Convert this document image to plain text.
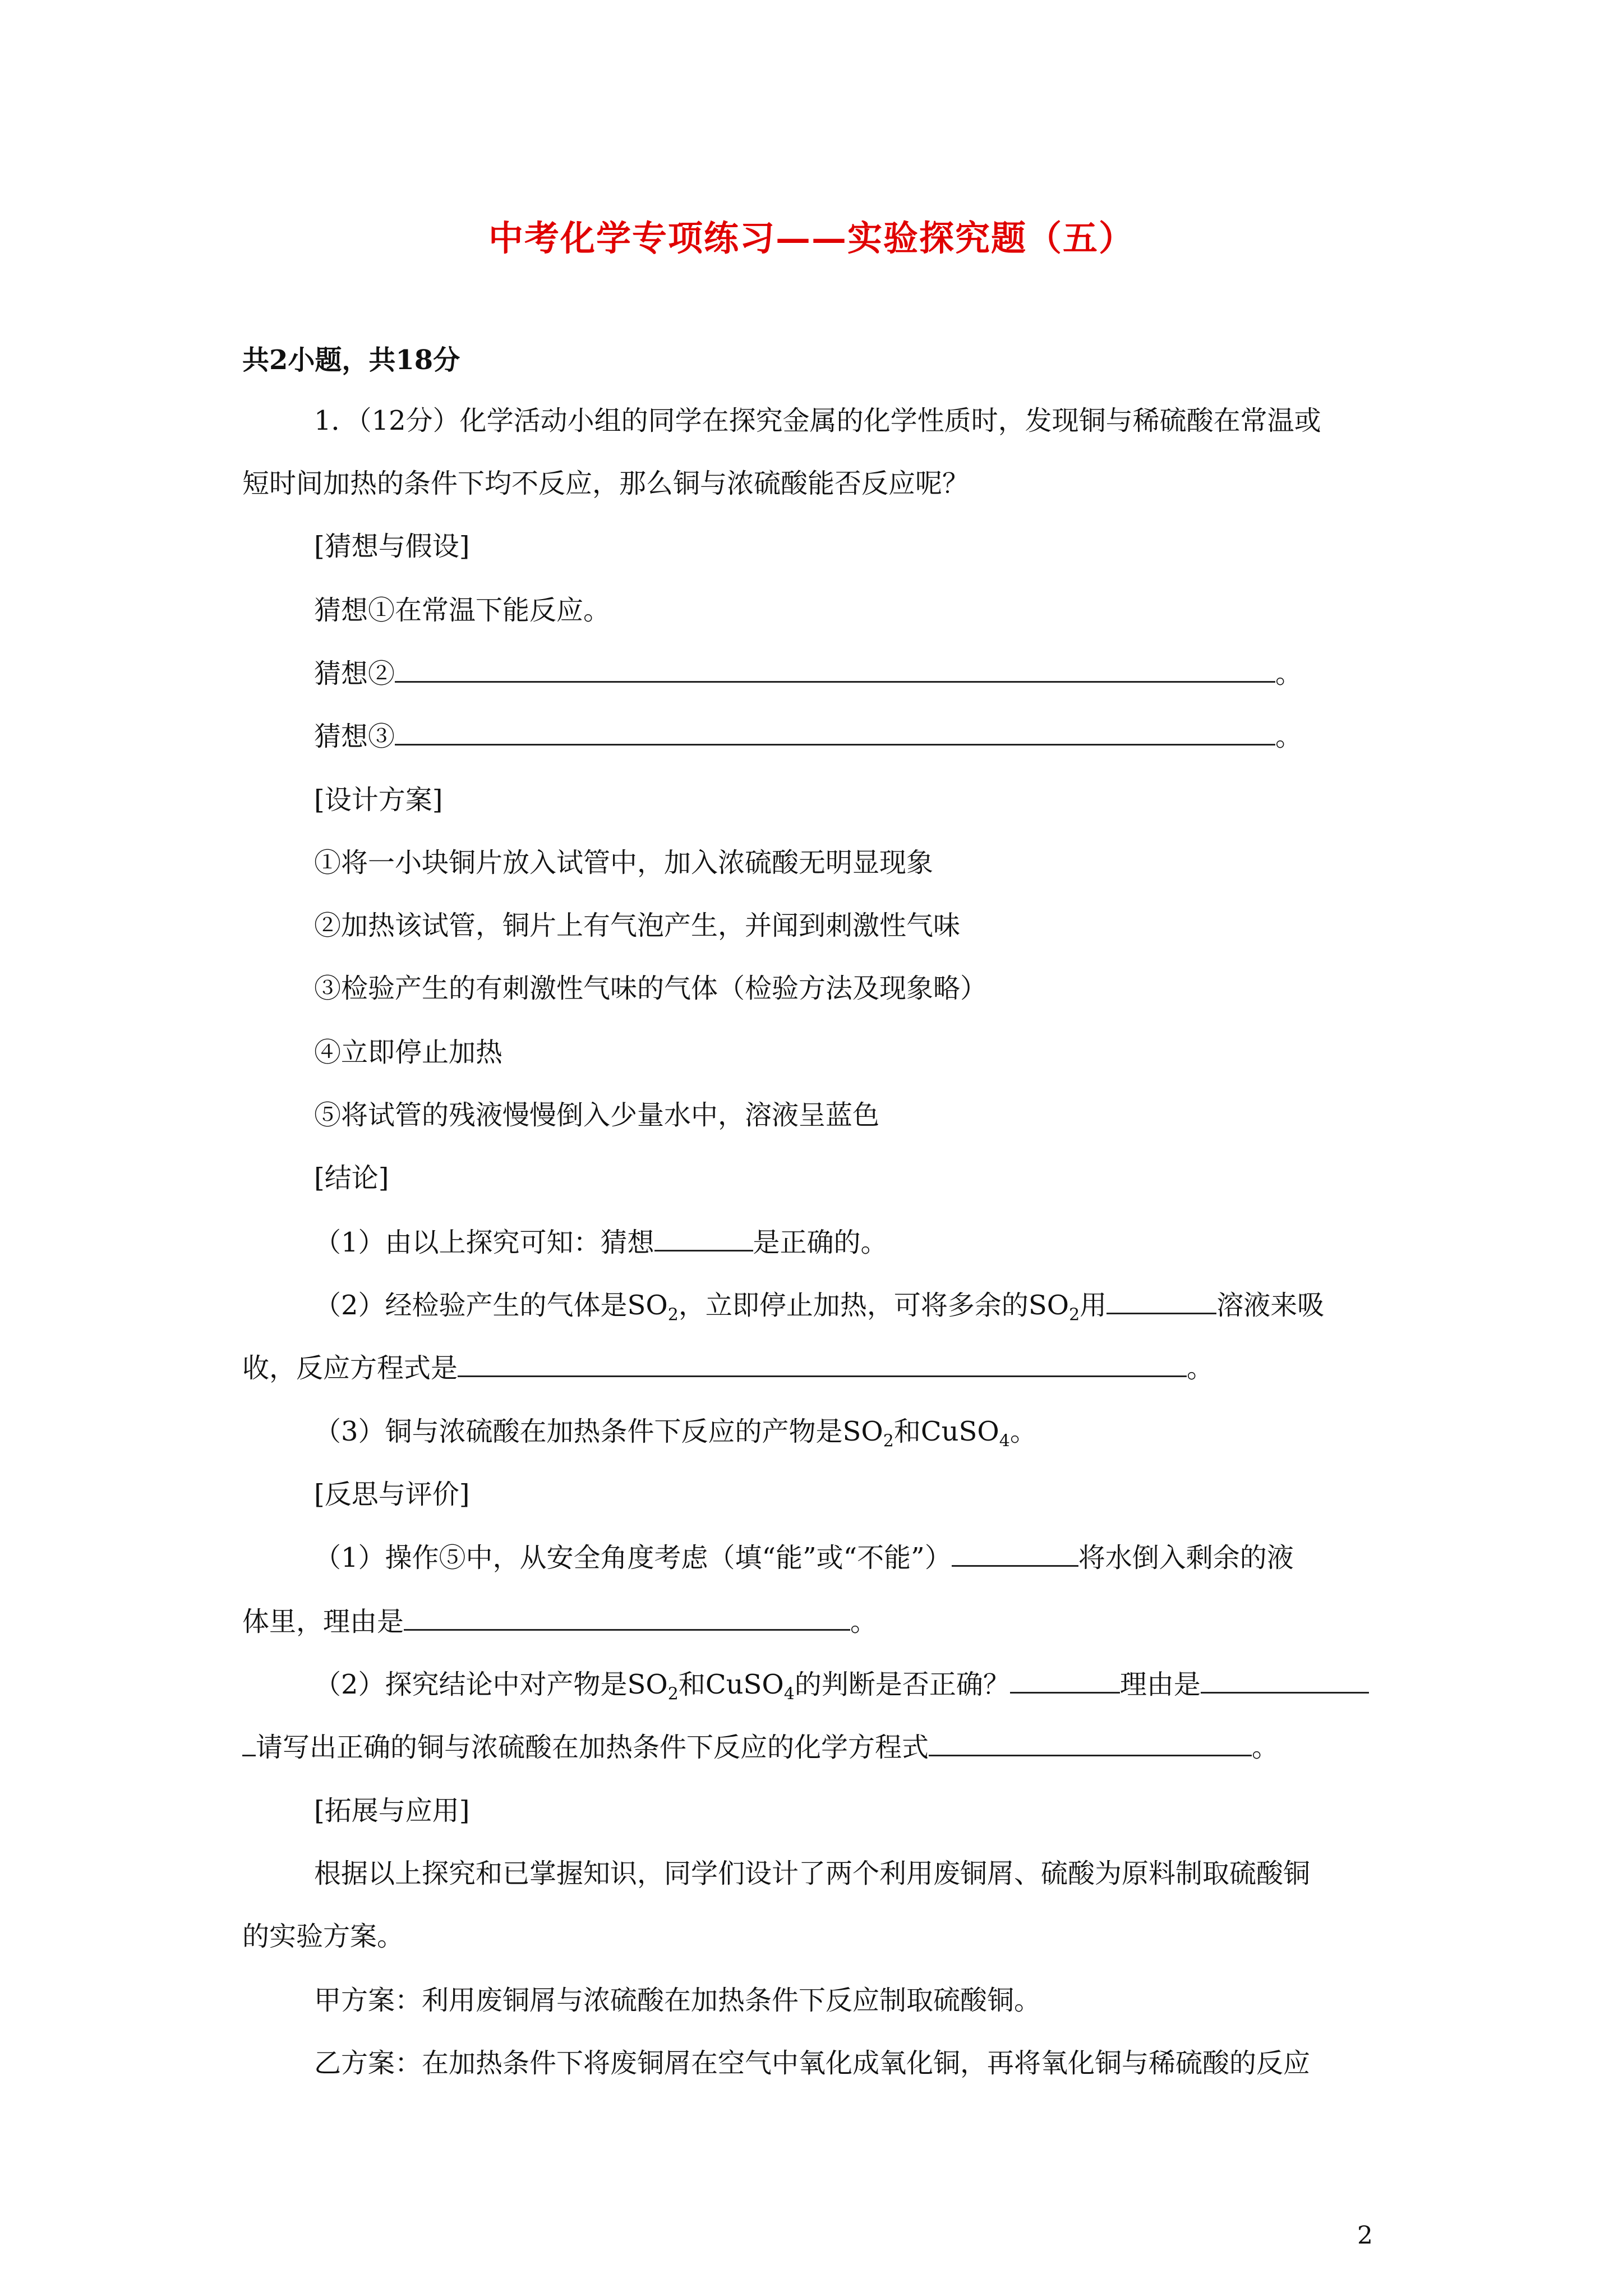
中考化学专项练习——实验探究题（五）
共2小题，共18分
1．（12分）化学活动小组的同学在探究金属的化学性质时，发现铜与稀硫酸在常温或
短时间加热的条件下均不反应，那么铜与浓硫酸能否反应呢？
[猜想与假设]
猜想①在常温下能反应。
猜想②	。
猜想③	。
[设计方案]
①将一小块铜片放入试管中，加入浓硫酸无明显现象
②加热该试管，铜片上有气泡产生，并闻到刺激性气味
③检验产生的有刺激性气味的气体（检验方法及现象略）
④立即停止加热
⑤将试管的残液慢慢倒入少量水中，溶液呈蓝色
[结论]
（1）由以上探究可知：猜想	是正确的。
（2）经检验产生的气体是$SO_2$，立即停止加热，可将多余的$SO_2$用	溶液来吸
收，反应方程式是	。
（3）铜与浓硫酸在加热条件下反应的产物是$SO_2$和CuSO$_4$。
[反思与评价]
（1）操作⑤中，从安全角度考虑（填“能”或“不能”）	将水倒入剩余的液
体里，理由是	。
（2）探究结论中对产物是$SO_2$和CuSO$_4$的判断是否正确？	理由是
请写出正确的铜与浓硫酸在加热条件下反应的化学方程式	。
[拓展与应用]
根据以上探究和已掌握知识，同学们设计了两个利用废铜屑、硫酸为原料制取硫酸铜
的实验方案。
甲方案：利用废铜屑与浓硫酸在加热条件下反应制取硫酸铜。
乙方案：在加热条件下将废铜屑在空气中氧化成氧化铜，再将氧化铜与稀硫酸的反应
2
